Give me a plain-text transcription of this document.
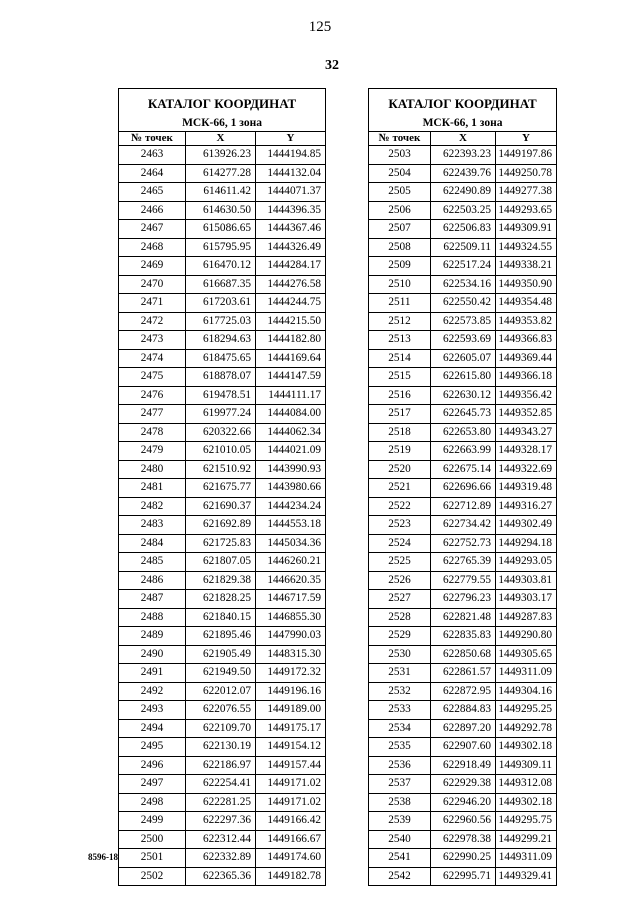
125
32
КАТАЛОГ КООРДИНАТ		
МСК-66, 1 зона		
№ точек	X	Y
2463	613926.23	1444194.85
2464	614277.28	1444132.04
2465	614611.42	1444071.37
2466	614630.50	1444396.35
2467	615086.65	1444367.46
2468	615795.95	1444326.49
2469	616470.12	1444284.17
2470	616687.35	1444276.58
2471	617203.61	1444244.75
2472	617725.03	1444215.50
2473	618294.63	1444182.80
2474	618475.65	1444169.64
2475	618878.07	1444147.59
2476	619478.51	1444111.17
2477	619977.24	1444084.00
2478	620322.66	1444062.34
2479	621010.05	1444021.09
2480	621510.92	1443990.93
2481	621675.77	1443980.66
2482	621690.37	1444234.24
2483	621692.89	1444553.18
2484	621725.83	1445034.36
2485	621807.05	1446260.21
2486	621829.38	1446620.35
2487	621828.25	1446717.59
2488	621840.15	1446855.30
2489	621895.46	1447990.03
2490	621905.49	1448315.30
2491	621949.50	1449172.32
2492	622012.07	1449196.16
2493	622076.55	1449189.00
2494	622109.70	1449175.17
2495	622130.19	1449154.12
2496	622186.97	1449157.44
2497	622254.41	1449171.02
2498	622281.25	1449171.02
2499	622297.36	1449166.42
2500	622312.44	1449166.67
2501	622332.89	1449174.60
2502	622365.36	1449182.78
КАТАЛОГ КООРДИНАТ		
МСК-66, 1 зона		
№ точек	X	Y
2503	622393.23	1449197.86
2504	622439.76	1449250.78
2505	622490.89	1449277.38
2506	622503.25	1449293.65
2507	622506.83	1449309.91
2508	622509.11	1449324.55
2509	622517.24	1449338.21
2510	622534.16	1449350.90
2511	622550.42	1449354.48
2512	622573.85	1449353.82
2513	622593.69	1449366.83
2514	622605.07	1449369.44
2515	622615.80	1449366.18
2516	622630.12	1449356.42
2517	622645.73	1449352.85
2518	622653.80	1449343.27
2519	622663.99	1449328.17
2520	622675.14	1449322.69
2521	622696.66	1449319.48
2522	622712.89	1449316.27
2523	622734.42	1449302.49
2524	622752.73	1449294.18
2525	622765.39	1449293.05
2526	622779.55	1449303.81
2527	622796.23	1449303.17
2528	622821.48	1449287.83
2529	622835.83	1449290.80
2530	622850.68	1449305.65
2531	622861.57	1449311.09
2532	622872.95	1449304.16
2533	622884.83	1449295.25
2534	622897.20	1449292.78
2535	622907.60	1449302.18
2536	622918.49	1449309.11
2537	622929.38	1449312.08
2538	622946.20	1449302.18
2539	622960.56	1449295.75
2540	622978.38	1449299.21
2541	622990.25	1449311.09
2542	622995.71	1449329.41
8596-18
